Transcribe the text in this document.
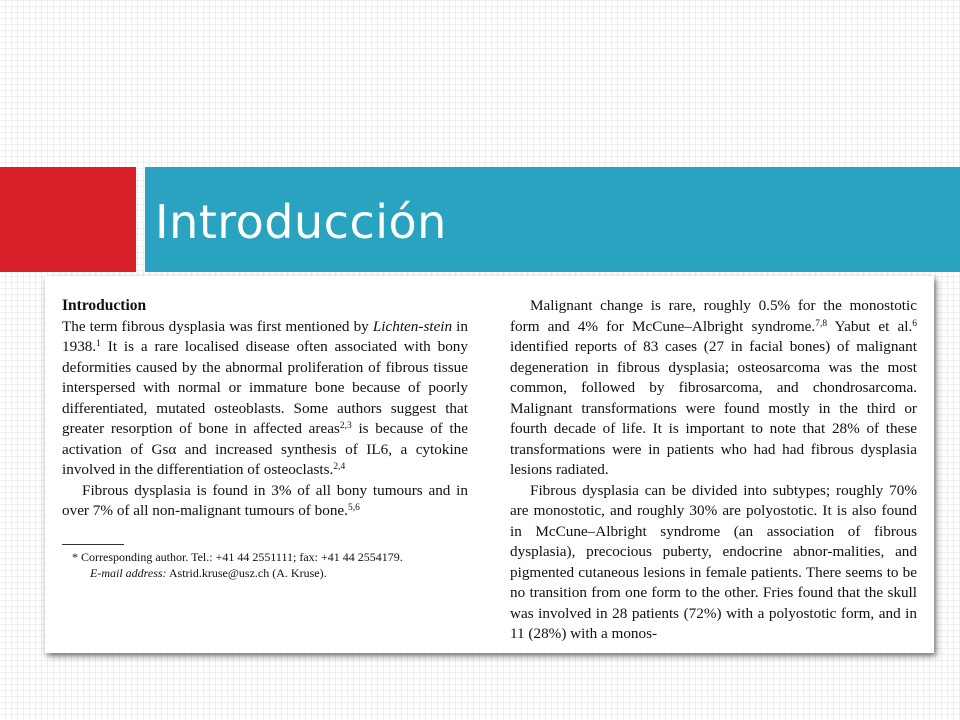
Introducción

Introduction

The term fibrous dysplasia was first mentioned by Lichten-stein in 1938.$^1$ It is a rare localised disease often associated with bony deformities caused by the abnormal proliferation of fibrous tissue interspersed with normal or immature bone because of poorly differentiated, mutated osteoblasts. Some authors suggest that greater resorption of bone in affected areas$^{2,3}$ is because of the activation of Gsα and increased synthesis of IL6, a cytokine involved in the differentiation of osteoclasts.$^{2,4}$

Fibrous dysplasia is found in 3% of all bony tumours and in over 7% of all non-malignant tumours of bone.$^{5,6}$

* Corresponding author. Tel.: +41 44 2551111; fax: +41 44 2554179.
E-mail address: Astrid.kruse@usz.ch (A. Kruse).

Malignant change is rare, roughly 0.5% for the monostotic form and 4% for McCune–Albright syndrome.$^{7,8}$ Yabut et al.$^6$ identified reports of 83 cases (27 in facial bones) of malignant degeneration in fibrous dysplasia; osteosarcoma was the most common, followed by fibrosarcoma, and chondrosarcoma. Malignant transformations were found mostly in the third or fourth decade of life. It is important to note that 28% of these transformations were in patients who had had fibrous dysplasia lesions radiated.

Fibrous dysplasia can be divided into subtypes; roughly 70% are monostotic, and roughly 30% are polyostotic. It is also found in McCune–Albright syndrome (an association of fibrous dysplasia), precocious puberty, endocrine abnor-malities, and pigmented cutaneous lesions in female patients. There seems to be no transition from one form to the other. Fries found that the skull was involved in 28 patients (72%) with a polyostotic form, and in 11 (28%) with a monos-
